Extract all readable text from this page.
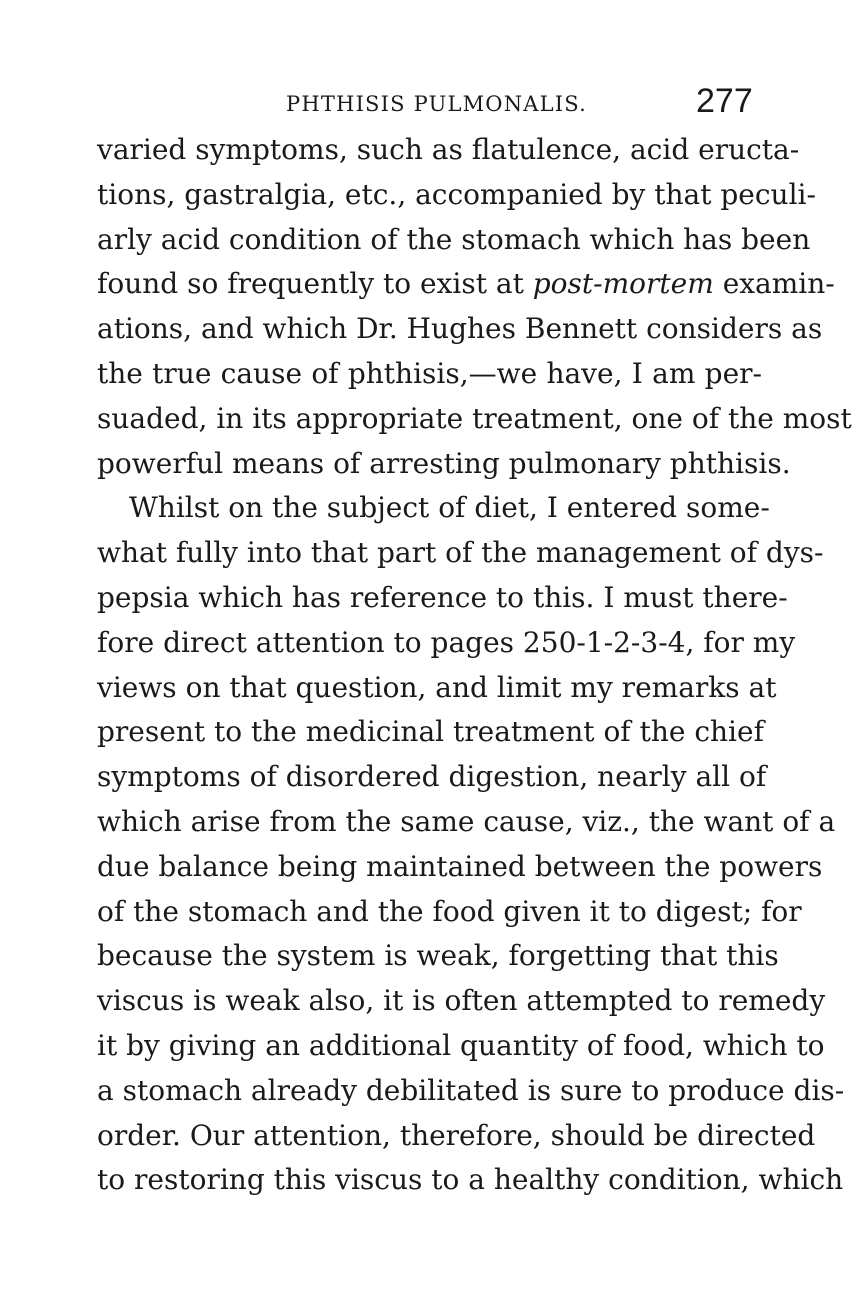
PHTHISIS PULMONALIS.	277
varied symptoms, such as flatulence, acid eructa-
tions, gastralgia, etc., accompanied by that peculi-
arly acid condition of the stomach which has been
found so frequently to exist at post-mortem examin-
ations, and which Dr. Hughes Bennett considers as
the true cause of phthisis,—we have, I am per-
suaded, in its appropriate treatment, one of the most
powerful means of arresting pulmonary phthisis.
Whilst on the subject of diet, I entered some-
what fully into that part of the management of dys-
pepsia which has reference to this. I must there-
fore direct attention to pages 250-1-2-3-4, for my
views on that question, and limit my remarks at
present to the medicinal treatment of the chief
symptoms of disordered digestion, nearly all of
which arise from the same cause, viz., the want of a
due balance being maintained between the powers
of the stomach and the food given it to digest; for
because the system is weak, forgetting that this
viscus is weak also, it is often attempted to remedy
it by giving an additional quantity of food, which to
a stomach already debilitated is sure to produce dis-
order. Our attention, therefore, should be directed
to restoring this viscus to a healthy condition, which
